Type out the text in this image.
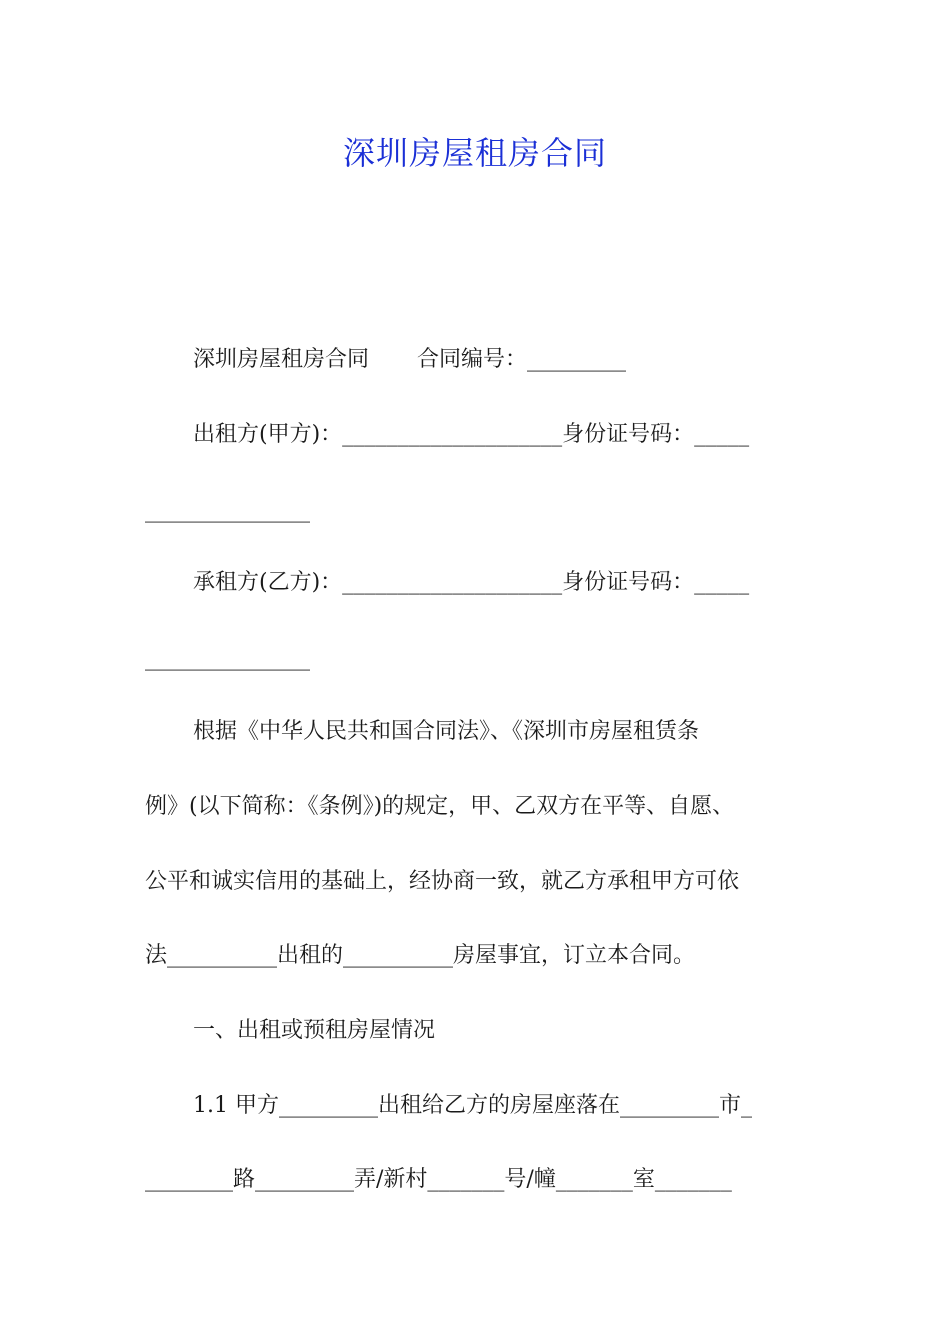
深圳房屋租房合同
深圳房屋租房合同 合同编号：_________
出租方(甲方)：____________________身份证号码：_____
_______________
承租方(乙方)：____________________身份证号码：_____
_______________
根据《中华人民共和国合同法》、《深圳市房屋租赁条
例》(以下简称：《条例》)的规定，甲、乙双方在平等、自愿、
公平和诚实信用的基础上，经协商一致，就乙方承租甲方可依
法__________出租的__________房屋事宜，订立本合同。
一、出租或预租房屋情况
1.1 甲方_________出租给乙方的房屋座落在_________市_
________路_________弄/新村_______号/幢_______室_______
